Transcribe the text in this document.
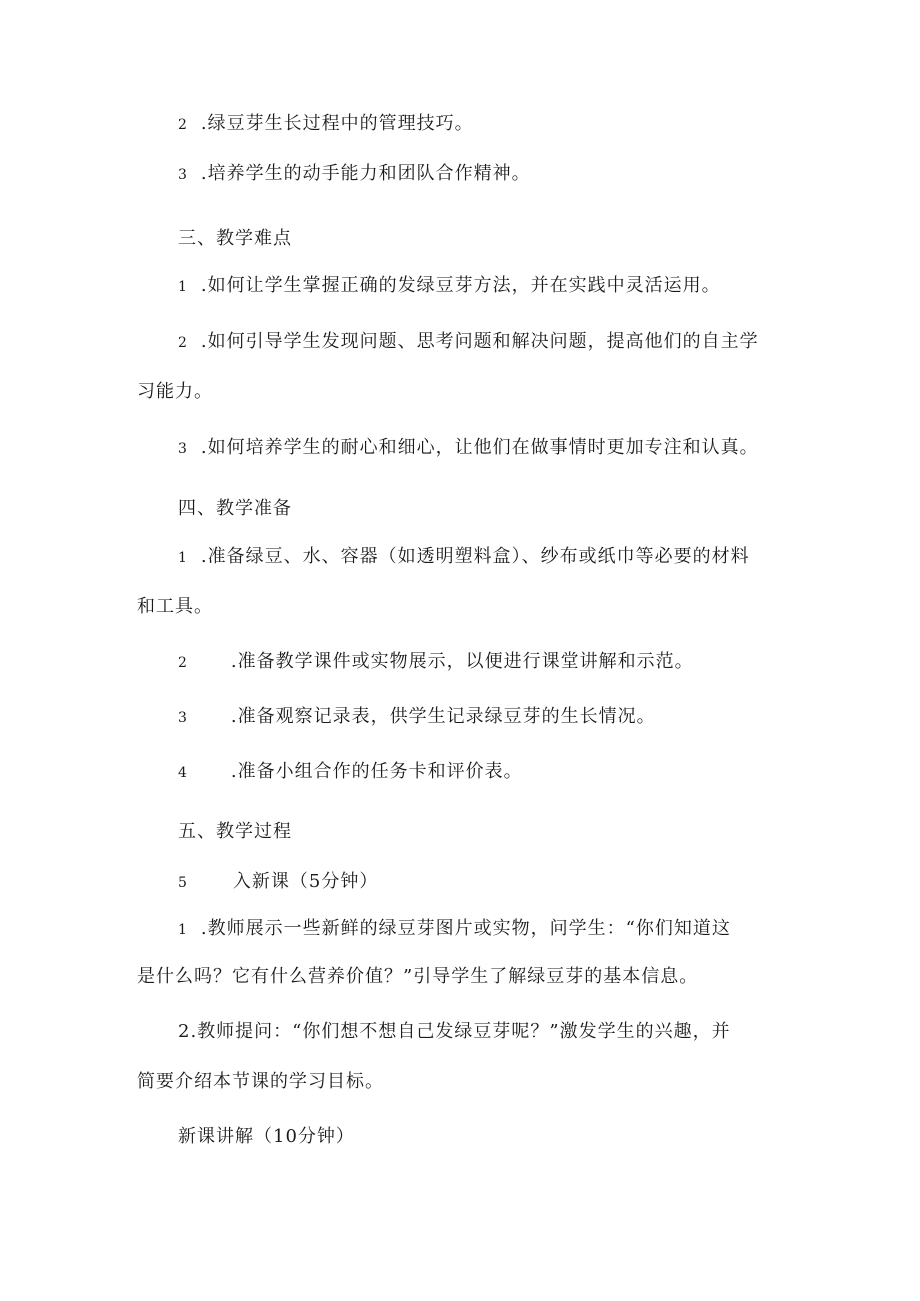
2 .绿豆芽生长过程中的管理技巧。
3 .培养学生的动手能力和团队合作精神。
三、教学难点
1 .如何让学生掌握正确的发绿豆芽方法，并在实践中灵活运用。
2 .如何引导学生发现问题、思考问题和解决问题，提高他们的自主学
习能力。
3 .如何培养学生的耐心和细心，让他们在做事情时更加专注和认真。
四、教学准备
1 .准备绿豆、水、容器（如透明塑料盒）、纱布或纸巾等必要的材料
和工具。
2 .准备教学课件或实物展示，以便进行课堂讲解和示范。
3 .准备观察记录表，供学生记录绿豆芽的生长情况。
4 .准备小组合作的任务卡和评价表。
五、教学过程
5	入新课（5分钟）
1 .教师展示一些新鲜的绿豆芽图片或实物，问学生：“你们知道这
是什么吗？它有什么营养价值？”引导学生了解绿豆芽的基本信息。
2.教师提问：“你们想不想自己发绿豆芽呢？”激发学生的兴趣，并
简要介绍本节课的学习目标。
新课讲解（10分钟）
